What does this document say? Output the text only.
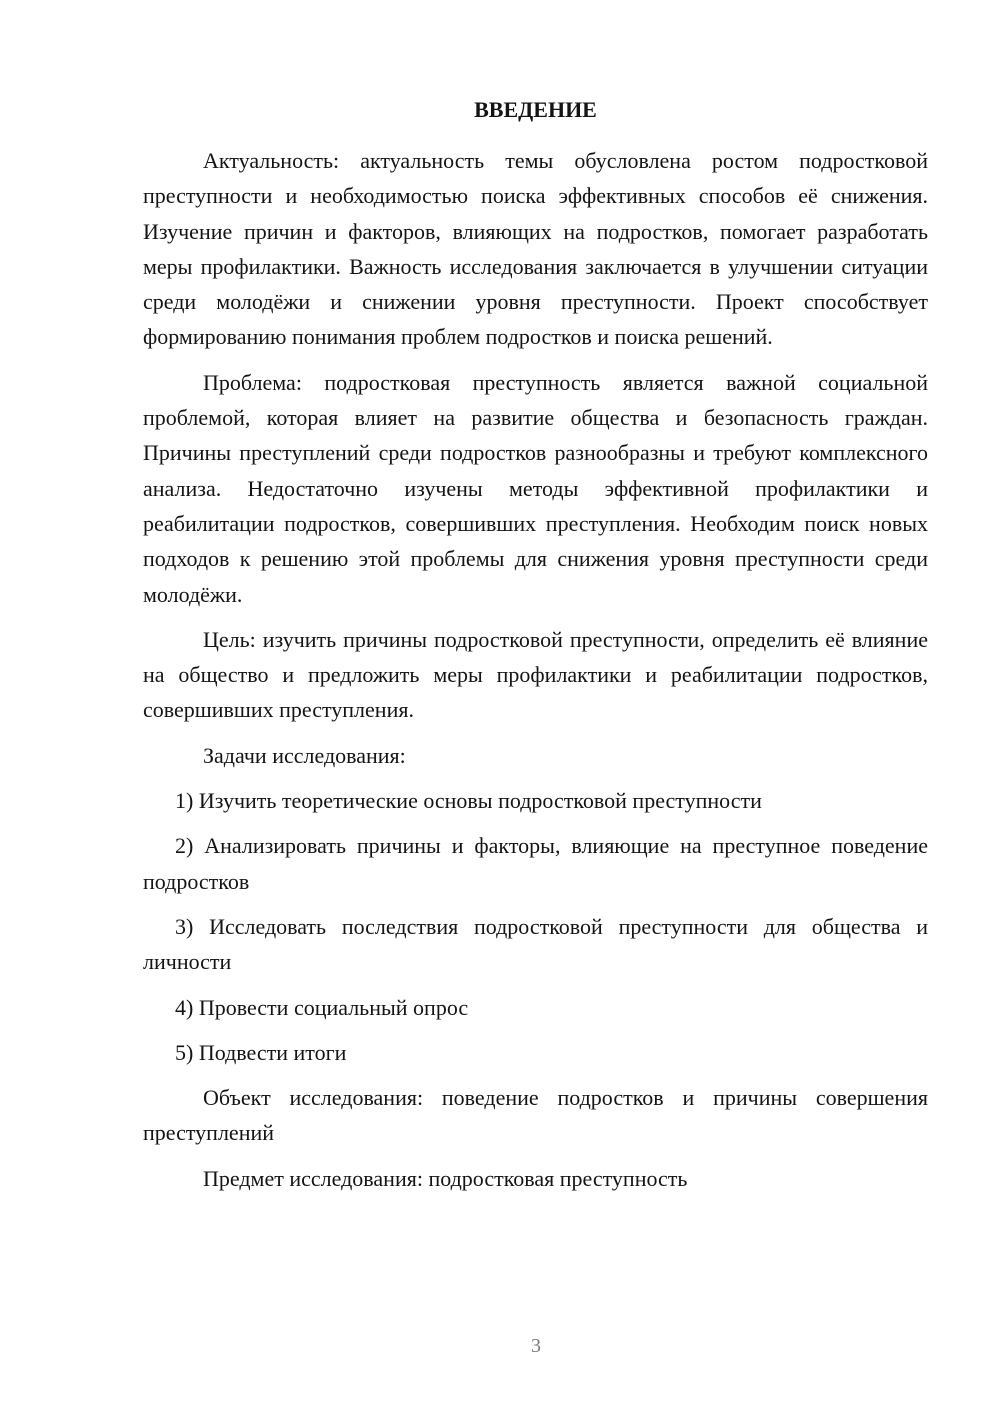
ВВЕДЕНИЕ

Актуальность: актуальность темы обусловлена ростом подростковой преступности и необходимостью поиска эффективных способов её снижения. Изучение причин и факторов, влияющих на подростков, помогает разработать меры профилактики. Важность исследования заключается в улучшении ситуации среди молодёжи и снижении уровня преступности. Проект способствует формированию понимания проблем подростков и поиска решений.

Проблема: подростковая преступность является важной социальной проблемой, которая влияет на развитие общества и безопасность граждан. Причины преступлений среди подростков разнообразны и требуют комплексного анализа. Недостаточно изучены методы эффективной профилактики и реабилитации подростков, совершивших преступления. Необходим поиск новых подходов к решению этой проблемы для снижения уровня преступности среди молодёжи.

Цель: изучить причины подростковой преступности, определить её влияние на общество и предложить меры профилактики и реабилитации подростков, совершивших преступления.

Задачи исследования:

1) Изучить теоретические основы подростковой преступности

2) Анализировать причины и факторы, влияющие на преступное поведение подростков

3) Исследовать последствия подростковой преступности для общества и личности

4) Провести социальный опрос

5) Подвести итоги

Объект исследования: поведение подростков и причины совершения преступлений

Предмет исследования: подростковая преступность

3
